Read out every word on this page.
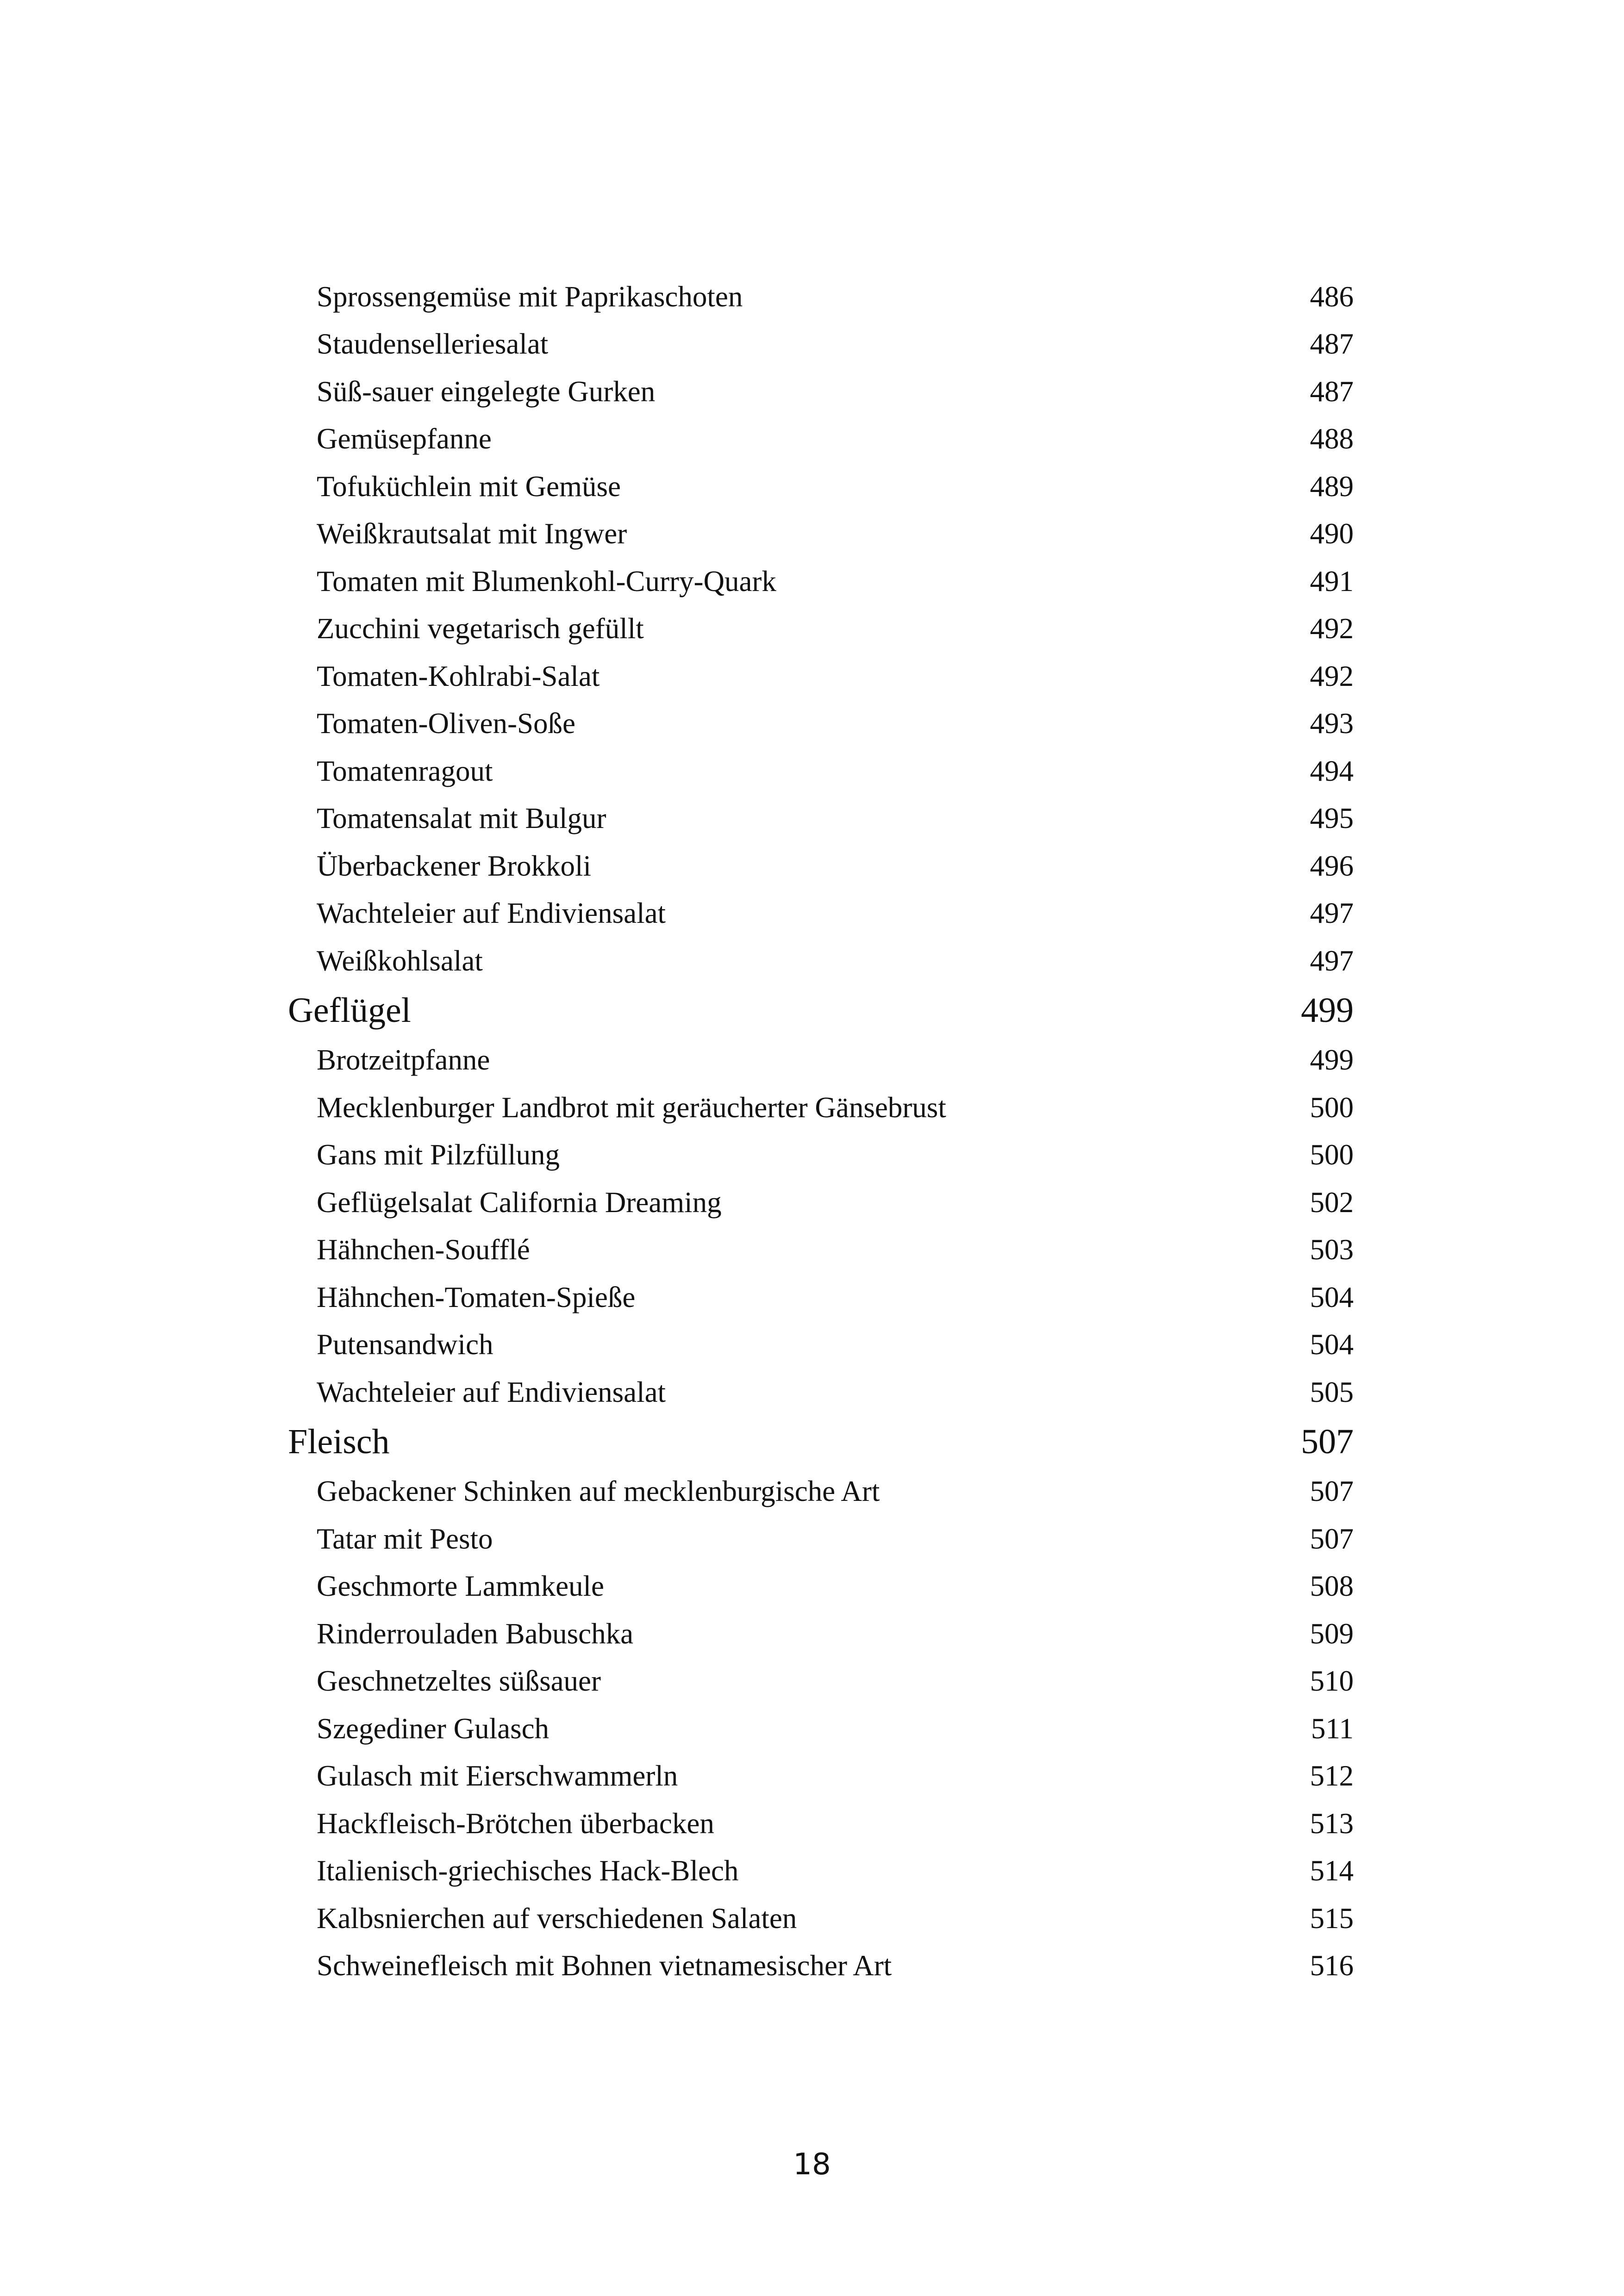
Sprossengemüse mit Paprikaschoten	486
Staudenselleriesalat	487
Süß-sauer eingelegte Gurken	487
Gemüsepfanne	488
Tofuküchlein mit Gemüse	489
Weißkrautsalat mit Ingwer	490
Tomaten mit Blumenkohl-Curry-Quark	491
Zucchini vegetarisch gefüllt	492
Tomaten-Kohlrabi-Salat	492
Tomaten-Oliven-Soße	493
Tomatenragout	494
Tomatensalat mit Bulgur	495
Überbackener Brokkoli	496
Wachteleier auf Endiviensalat	497
Weißkohlsalat	497
Geflügel	499
Brotzeitpfanne	499
Mecklenburger Landbrot mit geräucherter Gänsebrust	500
Gans mit Pilzfüllung	500
Geflügelsalat California Dreaming	502
Hähnchen-Soufflé	503
Hähnchen-Tomaten-Spieße	504
Putensandwich	504
Wachteleier auf Endiviensalat	505
Fleisch	507
Gebackener Schinken auf mecklenburgische Art	507
Tatar mit Pesto	507
Geschmorte Lammkeule	508
Rinderrouladen Babuschka	509
Geschnetzeltes süßsauer	510
Szegediner Gulasch	511
Gulasch mit Eierschwammerln	512
Hackfleisch-Brötchen überbacken	513
Italienisch-griechisches Hack-Blech	514
Kalbsnierchen auf verschiedenen Salaten	515
Schweinefleisch mit Bohnen vietnamesischer Art	516
18
